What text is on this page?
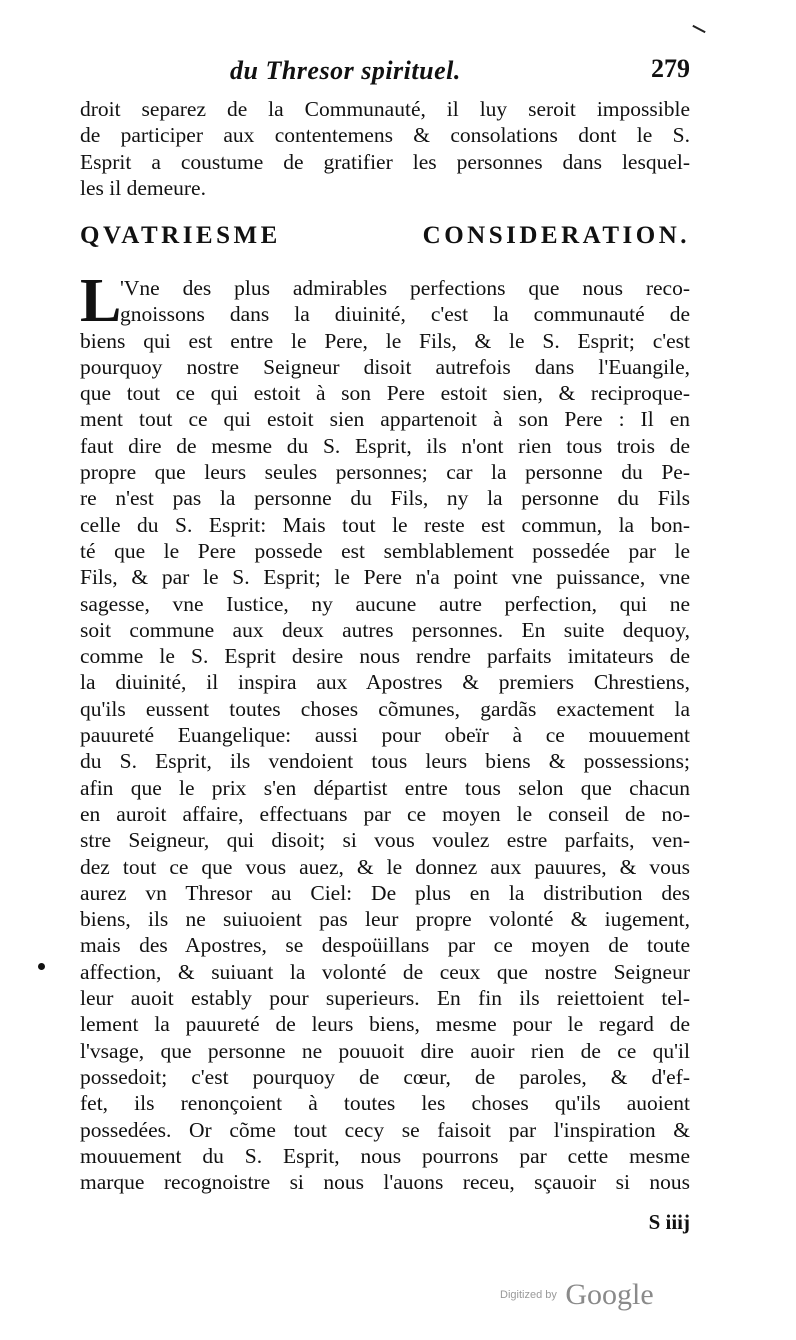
du Thresor spirituel.	279
droit separez de la Communauté, il luy seroit impossible
de participer aux contentemens & consolations dont le S.
Esprit a coustume de gratifier les personnes dans lesquel-
les il demeure.
QVATRIESME CONSIDERATION.
L
'Vne des plus admirables perfections que nous reco-
gnoissons dans la diuinité, c'est la communauté de
biens qui est entre le Pere, le Fils, & le S. Esprit; c'est
pourquoy nostre Seigneur disoit autrefois dans l'Euangile,
que tout ce qui estoit à son Pere estoit sien, & reciproque-
ment tout ce qui estoit sien appartenoit à son Pere : Il en
faut dire de mesme du S. Esprit, ils n'ont rien tous trois de
propre que leurs seules personnes; car la personne du Pe-
re n'est pas la personne du Fils, ny la personne du Fils
celle du S. Esprit: Mais tout le reste est commun, la bon-
té que le Pere possede est semblablement possedée par le
Fils, & par le S. Esprit; le Pere n'a point vne puissance, vne
sagesse, vne Iustice, ny aucune autre perfection, qui ne
soit commune aux deux autres personnes. En suite dequoy,
comme le S. Esprit desire nous rendre parfaits imitateurs de
la diuinité, il inspira aux Apostres & premiers Chrestiens,
qu'ils eussent toutes choses cõmunes, gardãs exactement la
pauureté Euangelique: aussi pour obeïr à ce mouuement
du S. Esprit, ils vendoient tous leurs biens & possessions;
afin que le prix s'en départist entre tous selon que chacun
en auroit affaire, effectuans par ce moyen le conseil de no-
stre Seigneur, qui disoit; si vous voulez estre parfaits, ven-
dez tout ce que vous auez, & le donnez aux pauures, & vous
aurez vn Thresor au Ciel: De plus en la distribution des
biens, ils ne suiuoient pas leur propre volonté & iugement,
mais des Apostres, se despoüillans par ce moyen de toute
affection, & suiuant la volonté de ceux que nostre Seigneur
leur auoit estably pour superieurs. En fin ils reiettoient tel-
lement la pauureté de leurs biens, mesme pour le regard de
l'vsage, que personne ne pouuoit dire auoir rien de ce qu'il
possedoit; c'est pourquoy de cœur, de paroles, & d'ef-
fet, ils renonçoient à toutes les choses qu'ils auoient
possedées. Or cõme tout cecy se faisoit par l'inspiration &
mouuement du S. Esprit, nous pourrons par cette mesme
marque recognoistre si nous l'auons receu, sçauoir si nous
S iiij
Digitized by Google
